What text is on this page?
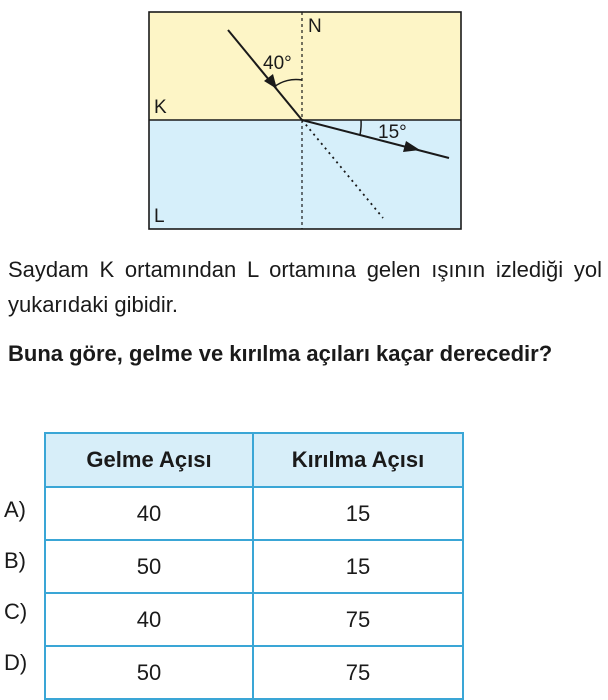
N
K
L
40°
15°
Saydam K ortamından L ortamına gelen ışının izlediği yol yukarıdaki gibidir.
Buna göre, gelme ve kırılma açıları kaçar derecedir?
A)
B)
C)
D)
Gelme Açısı	Kırılma Açısı
40	15
50	15
40	75
50	75
